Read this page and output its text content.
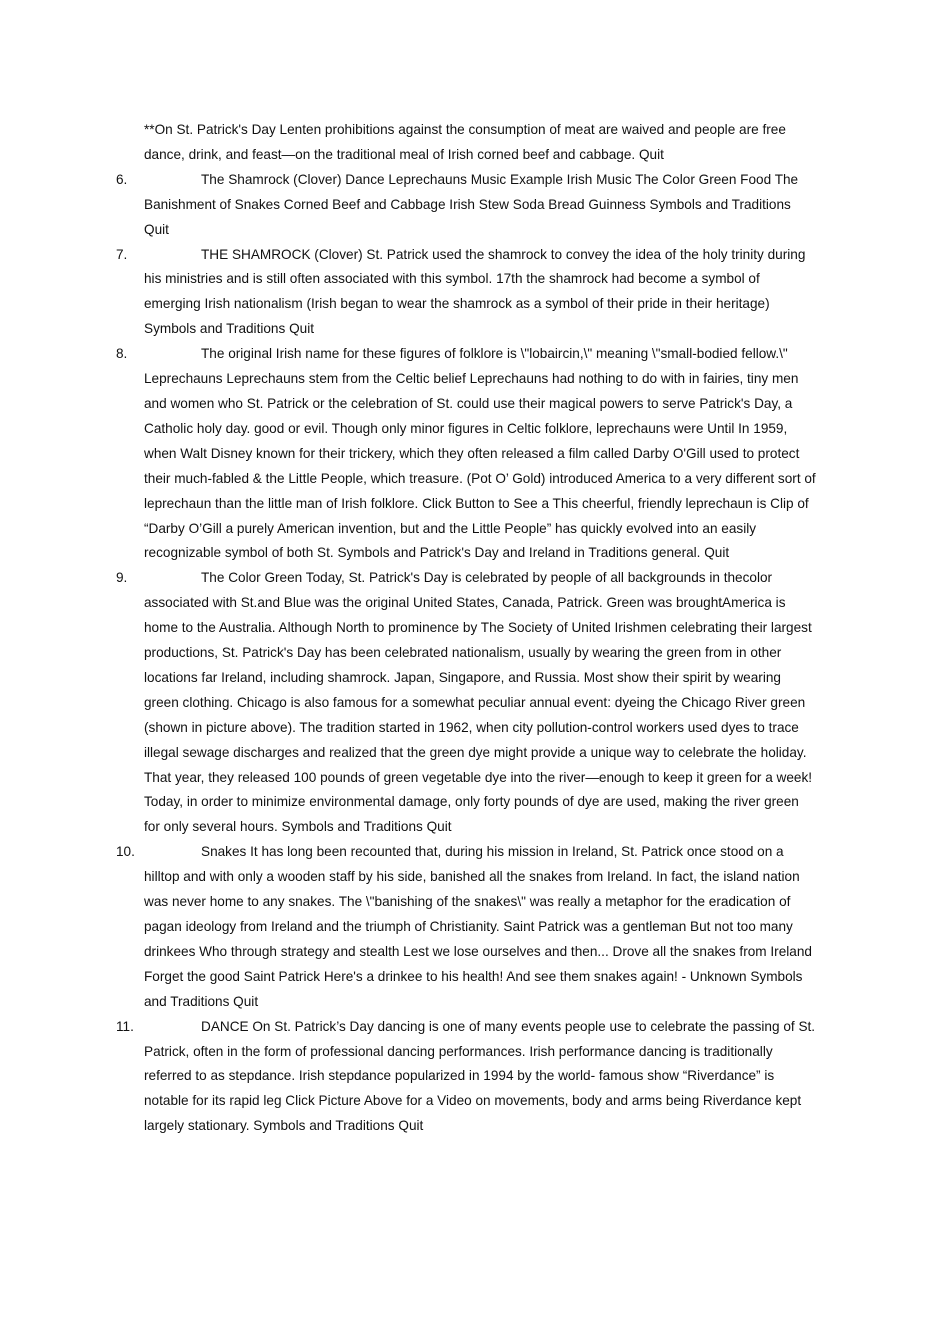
**On St. Patrick's Day Lenten prohibitions against the consumption of meat are waived and people are free dance, drink, and feast—on the traditional meal of Irish corned beef and cabbage. Quit

6.	The Shamrock (Clover) Dance Leprechauns Music Example Irish Music The Color Green Food The Banishment of Snakes Corned Beef and Cabbage Irish Stew Soda Bread Guinness Symbols and Traditions Quit
7.	THE SHAMROCK (Clover) St. Patrick used the shamrock to convey the idea of the holy trinity during his ministries and is still often associated with this symbol. 17th the shamrock had become a symbol of emerging Irish nationalism (Irish began to wear the shamrock as a symbol of their pride in their heritage) Symbols and Traditions Quit
8.	The original Irish name for these figures of folklore is \"lobaircin,\" meaning \"small-bodied fellow.\" Leprechauns Leprechauns stem from the Celtic belief Leprechauns had nothing to do with in fairies, tiny men and women who St. Patrick or the celebration of St. could use their magical powers to serve Patrick's Day, a Catholic holy day. good or evil. Though only minor figures in Celtic folklore, leprechauns were Until In 1959, when Walt Disney known for their trickery, which they often released a film called Darby O'Gill used to protect their much-fabled & the Little People, which treasure. (Pot O’ Gold) introduced America to a very different sort of leprechaun than the little man of Irish folklore. Click Button to See a This cheerful, friendly leprechaun is Clip of “Darby O’Gill a purely American invention, but and the Little People” has quickly evolved into an easily recognizable symbol of both St. Symbols and Patrick's Day and Ireland in Traditions general. Quit
9.	The Color Green Today, St. Patrick's Day is celebrated by people of all backgrounds in thecolor associated with St.and Blue was the original United States, Canada, Patrick. Green was broughtAmerica is home to the Australia. Although North to prominence by The Society of United Irishmen celebrating their largest productions, St. Patrick's Day has been celebrated nationalism, usually by wearing the green from in other locations far Ireland, including shamrock. Japan, Singapore, and Russia. Most show their spirit by wearing green clothing. Chicago is also famous for a somewhat peculiar annual event: dyeing the Chicago River green (shown in picture above). The tradition started in 1962, when city pollution-control workers used dyes to trace illegal sewage discharges and realized that the green dye might provide a unique way to celebrate the holiday. That year, they released 100 pounds of green vegetable dye into the river—enough to keep it green for a week! Today, in order to minimize environmental damage, only forty pounds of dye are used, making the river green for only several hours. Symbols and Traditions Quit
10.	Snakes It has long been recounted that, during his mission in Ireland, St. Patrick once stood on a hilltop and with only a wooden staff by his side, banished all the snakes from Ireland. In fact, the island nation was never home to any snakes. The \"banishing of the snakes\" was really a metaphor for the eradication of pagan ideology from Ireland and the triumph of Christianity. Saint Patrick was a gentleman But not too many drinkees Who through strategy and stealth Lest we lose ourselves and then... Drove all the snakes from Ireland Forget the good Saint Patrick Here's a drinkee to his health! And see them snakes again! - Unknown Symbols and Traditions Quit
11.	DANCE On St. Patrick’s Day dancing is one of many events people use to celebrate the passing of St. Patrick, often in the form of professional dancing performances. Irish performance dancing is traditionally referred to as stepdance. Irish stepdance popularized in 1994 by the world- famous show “Riverdance” is notable for its rapid leg Click Picture Above for a Video on movements, body and arms being Riverdance kept largely stationary. Symbols and Traditions Quit
